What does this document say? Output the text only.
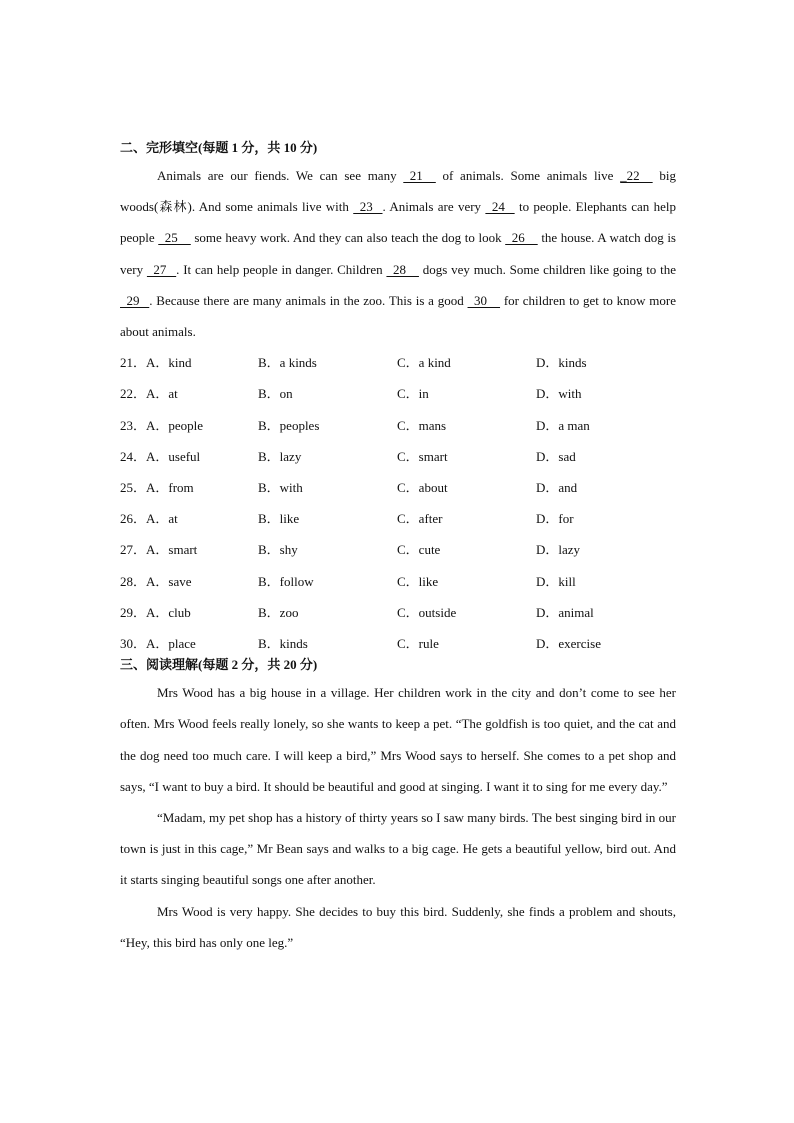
二、完形填空(每题 1 分，共 10 分)

Animals are our fiends. We can see many   21     of animals. Some animals live _22     big woods(森林). And some animals live with   23   . Animals are very   24    to people. Elephants can help people   25     some heavy work. And they can also teach the dog to look   26     the house. A watch dog is very   27   . It can help people in danger. Children   28     dogs vey much. Some children like going to the   29   . Because there are many animals in the zoo. This is a good   30     for children to get to know more about animals.

21．A．kind	B．a kinds	C．a kind	D．kinds
22．A．at	B．on	C．in	D．with
23．A．people	B．peoples	C．mans	D．a man
24．A．useful	B．lazy	C．smart	D．sad
25．A．from	B．with	C．about	D．and
26．A．at	B．like	C．after	D．for
27．A．smart	B．shy	C．cute	D．lazy
28．A．save	B．follow	C．like	D．kill
29．A．club	B．zoo	C．outside	D．animal
30．A．place	B．kinds	C．rule	D．exercise
三、阅读理解(每题 2 分，共 20 分)

Mrs Wood has a big house in a village. Her children work in the city and don’t come to see her often. Mrs Wood feels really lonely, so she wants to keep a pet. “The goldfish is too quiet, and the cat and the dog need too much care. I will keep a bird,” Mrs Wood says to herself. She comes to a pet shop and says, “I want to buy a bird. It should be beautiful and good at singing. I want it to sing for me every day.”

“Madam, my pet shop has a history of thirty years so I saw many birds. The best singing bird in our town is just in this cage,” Mr Bean says and walks to a big cage. He gets a beautiful yellow, bird out. And it starts singing beautiful songs one after another.

Mrs Wood is very happy. She decides to buy this bird. Suddenly, she finds a problem and shouts, “Hey, this bird has only one leg.”
